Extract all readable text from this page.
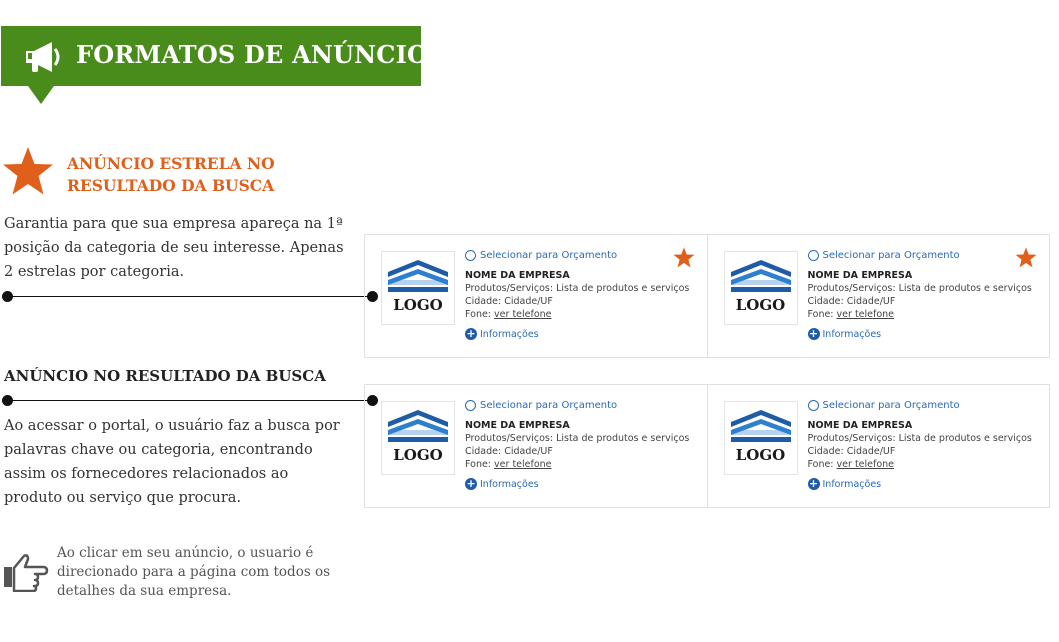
FORMATOS DE ANÚNCIOS
ANÚNCIO ESTRELA NO RESULTADO DA BUSCA
Garantia para que sua empresa apareça na 1ª posição da categoria de seu interesse. Apenas 2 estrelas por categoria.
ANÚNCIO NO RESULTADO DA BUSCA
Ao acessar o portal, o usuário faz a busca por palavras chave ou categoria, encontrando assim os fornecedores relacionados ao produto ou serviço que procura.
Ao clicar em seu anúncio, o usuario é direcionado para a página com todos os detalhes da sua empresa.
LOGO
Selecionar para Orçamento
NOME DA EMPRESA
Produtos/Serviços: Lista de produtos e serviços
Cidade: Cidade/UF
Fone: ver telefone
+ Informações
LOGO
Selecionar para Orçamento
NOME DA EMPRESA
Produtos/Serviços: Lista de produtos e serviços
Cidade: Cidade/UF
Fone: ver telefone
+ Informações
LOGO
Selecionar para Orçamento
NOME DA EMPRESA
Produtos/Serviços: Lista de produtos e serviços
Cidade: Cidade/UF
Fone: ver telefone
+ Informações
LOGO
Selecionar para Orçamento
NOME DA EMPRESA
Produtos/Serviços: Lista de produtos e serviços
Cidade: Cidade/UF
Fone: ver telefone
+ Informações
